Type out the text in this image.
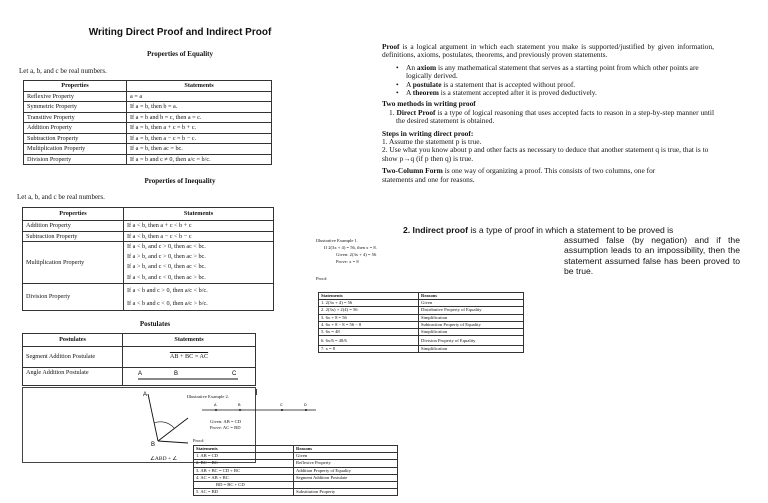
Writing Direct Proof and Indirect Proof
Properties of Equality
Let a, b, and c be real numbers.
Properties	Statements
Reflexive Property	a = a
Symmetric Property	If a = b, then b = a.
Transitive Property	If a = b and b = c, then a = c.
Addition Property	If a = b, then a + c = b + c.
Subtraction Property	If a = b, then a − c = b − c.
Multiplication Property	If a = b, then ac = bc.
Division Property	If a = b and c ≠ 0, then a/c = b/c.
Properties of Inequality
Let a, b, and c be real numbers.
Properties	Statements
Addition Property	If a < b, then a + c < b + c
Subtraction Property	If a < b, then a − c < b − c
Multiplication Property	If a < b, and c > 0, then ac < bc.
If a > b, and c > 0, then ac > bc.
If a > b, and c < 0, then ac < bc.
If a < b, and c < 0, then ac > bc.

Division Property	If a < b and c > 0, then a/c < b/c.
If a < b and c < 0, then a/c > b/c.
Postulates
Postulates	Statements
Segment Addition Postulate	AB + BC = AC
Angle Addition Postulate	A B C
A
B
∠ABD + ∠
Illustrative Example 2.
A	B	C	D
Given: AB = CD
Prove: AC = BD
Proof:
Statements	Reasons
1. AB = CD	Given
2. BC = BC	Reflexive Property
3. AB + BC = CD + BC	Addition Property of Equality
4. AC = AB + BC	Segment Addition Postulate
BD = BC + CD	
5. AC = BD	Substitution Property

Proof is a logical argument in which each statement you make is supported/justified by given information, definitions, axioms, postulates, theorems, and previously proven statements.

• An axiom is any mathematical statement that serves as a starting point from which other points are logically derived.
• A postulate is a statement that is accepted without proof.
• A theorem is a statement accepted after it is proved deductively.
Two methods in writing proof
1. Direct Proof is a type of logical reasoning that uses accepted facts to reason in a step-by-step manner until the desired statement is obtained.
Steps in writing direct proof:
1. Assume the statement p is true.
2. Use what you know about p and other facts as necessary to deduce that another statement q is true, that is to show p→q (if p then q) is true.
Two-Column Form is one way of organizing a proof. This consists of two columns, one for statements and one for reasons.
2. Indirect proof is a type of proof in which a statement to be proved is
assumed false (by negation) and if the assumption leads to an impossibility, then the statement assumed false has been proved to be true.
Illustrative Example 1.
If 2(3x + 4) = 56, then x = 8.
Given: 2(3x + 4) = 56
Prove: x = 8
Proof:
Statements	Reasons
1. 2(3x + 4) = 56	Given
2. 2(3x) + 2(4) = 56	Distributive Property of Equality
3. 6x + 8 = 56	Simplification
4. 6x + 8 − 8 = 56 − 8	Subtraction Property of Equality
5. 6x = 48	Simplification
6. 6x/6 = 48/6	Division Property of Equality
7. x = 8	Simplification
